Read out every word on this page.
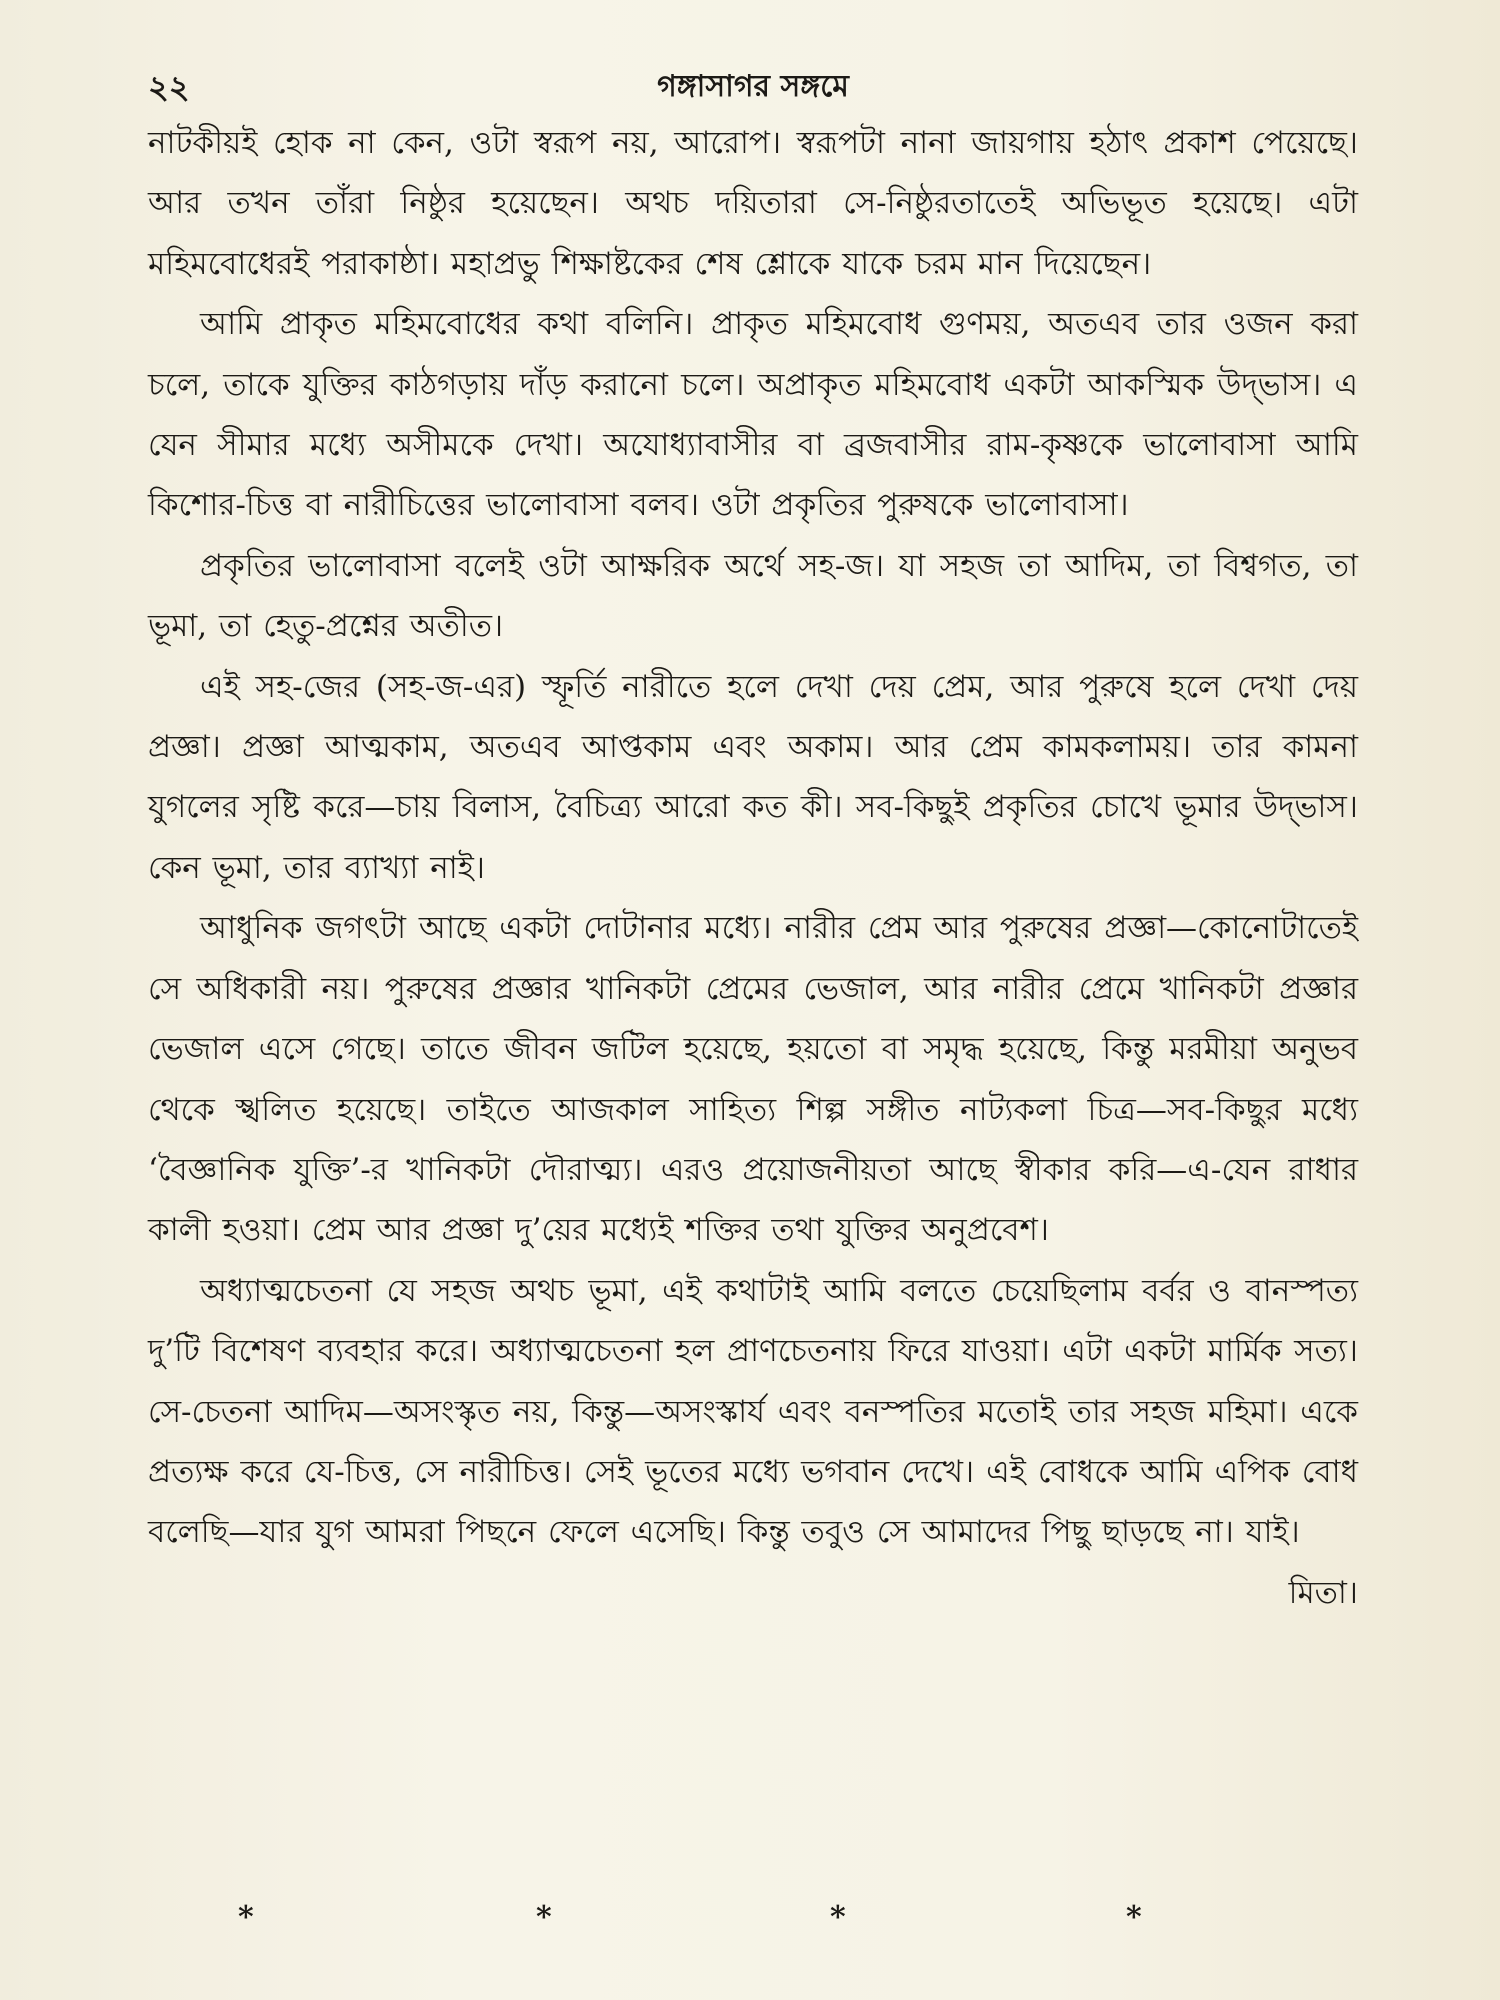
২২	গঙ্গাসাগর সঙ্গমে

নাটকীয়ই হোক না কেন, ওটা স্বরূপ নয়, আরোপ। স্বরূপটা নানা জায়গায় হঠাৎ প্রকাশ পেয়েছে। আর তখন তাঁরা নিষ্ঠুর হয়েছেন। অথচ দয়িতারা সে-নিষ্ঠুরতাতেই অভিভূত হয়েছে। এটা মহিমবোধেরই পরাকাষ্ঠা। মহাপ্রভু শিক্ষাষ্টকের শেষ শ্লোকে যাকে চরম মান দিয়েছেন।

আমি প্রাকৃত মহিমবোধের কথা বলিনি। প্রাকৃত মহিমবোধ গুণময়, অতএব তার ওজন করা চলে, তাকে যুক্তির কাঠগড়ায় দাঁড় করানো চলে। অপ্রাকৃত মহিমবোধ একটা আকস্মিক উদ্‌ভাস। এ যেন সীমার মধ্যে অসীমকে দেখা। অযোধ্যাবাসীর বা ব্রজবাসীর রাম-কৃষ্ণকে ভালোবাসা আমি কিশোর-চিত্ত বা নারীচিত্তের ভালোবাসা বলব। ওটা প্রকৃতির পুরুষকে ভালোবাসা।

প্রকৃতির ভালোবাসা বলেই ওটা আক্ষরিক অর্থে সহ-জ। যা সহজ তা আদিম, তা বিশ্বগত, তা ভূমা, তা হেতু-প্রশ্নের অতীত।

এই সহ-জের (সহ-জ-এর) স্ফূর্তি নারীতে হলে দেখা দেয় প্রেম, আর পুরুষে হলে দেখা দেয় প্রজ্ঞা। প্রজ্ঞা আত্মকাম, অতএব আপ্তকাম এবং অকাম। আর প্রেম কামকলাময়। তার কামনা যুগলের সৃষ্টি করে—চায় বিলাস, বৈচিত্র্য আরো কত কী। সব-কিছুই প্রকৃতির চোখে ভূমার উদ্‌ভাস। কেন ভূমা, তার ব্যাখ্যা নাই।

আধুনিক জগৎটা আছে একটা দোটানার মধ্যে। নারীর প্রেম আর পুরুষের প্রজ্ঞা—কোনোটাতেই সে অধিকারী নয়। পুরুষের প্রজ্ঞার খানিকটা প্রেমের ভেজাল, আর নারীর প্রেমে খানিকটা প্রজ্ঞার ভেজাল এসে গেছে। তাতে জীবন জটিল হয়েছে, হয়তো বা সমৃদ্ধ হয়েছে, কিন্তু মরমীয়া অনুভব থেকে স্খলিত হয়েছে। তাইতে আজকাল সাহিত্য শিল্প সঙ্গীত নাট্যকলা চিত্র—সব-কিছুর মধ্যে ‘বৈজ্ঞানিক যুক্তি’-র খানিকটা দৌরাত্ম্য। এরও প্রয়োজনীয়তা আছে স্বীকার করি—এ-যেন রাধার কালী হওয়া। প্রেম আর প্রজ্ঞা দু’য়ের মধ্যেই শক্তির তথা যুক্তির অনুপ্রবেশ।

অধ্যাত্মচেতনা যে সহজ অথচ ভূমা, এই কথাটাই আমি বলতে চেয়েছিলাম বর্বর ও বানস্পত্য দু’টি বিশেষণ ব্যবহার করে। অধ্যাত্মচেতনা হল প্রাণচেতনায় ফিরে যাওয়া। এটা একটা মার্মিক সত্য। সে-চেতনা আদিম—অসংস্কৃত নয়, কিন্তু—অসংস্কার্য এবং বনস্পতির মতোই তার সহজ মহিমা। একে প্রত্যক্ষ করে যে-চিত্ত, সে নারীচিত্ত। সেই ভূতের মধ্যে ভগবান দেখে। এই বোধকে আমি এপিক বোধ বলেছি—যার যুগ আমরা পিছনে ফেলে এসেছি। কিন্তু তবুও সে আমাদের পিছু ছাড়ছে না। যাই।

মিতা।

*	*	*	*
